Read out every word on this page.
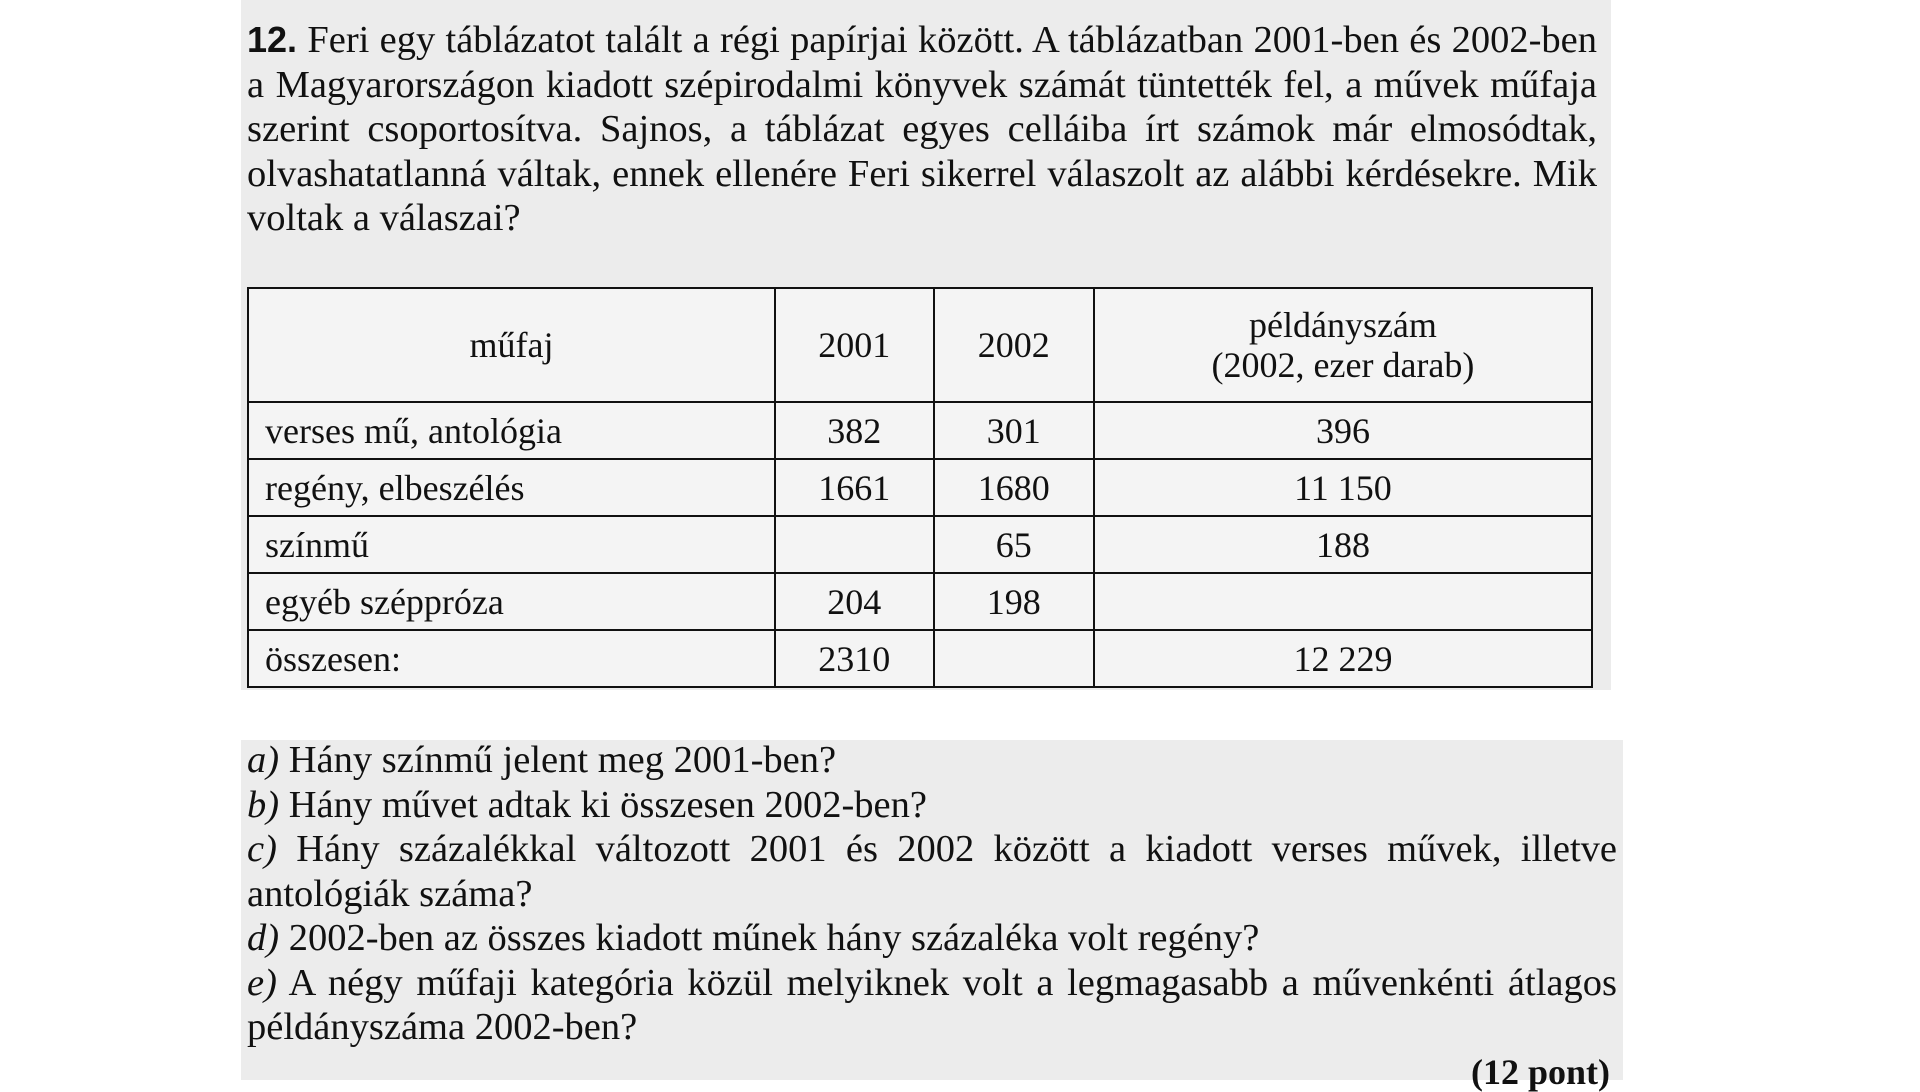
12. Feri egy táblázatot talált a régi papírjai között. A táblázatban 2001-ben és 2002-ben a Magyarországon kiadott szépirodalmi könyvek számát tüntették fel, a művek műfaja szerint csoportosítva. Sajnos, a táblázat egyes celláiba írt számok már elmosódtak, olvashatatlanná váltak, ennek ellenére Feri sikerrel válaszolt az alábbi kérdésekre. Mik voltak a válaszai?

műfaj	2001	2002	példányszám
(2002, ezer darab)
verses mű, antológia	382	301	396
regény, elbeszélés	1661	1680	11 150
színmű		65	188
egyéb széppróza	204	198	
összesen:	2310		12 229
a) Hány színmű jelent meg 2001-ben?
b) Hány művet adtak ki összesen 2002-ben?
c) Hány százalékkal változott 2001 és 2002 között a kiadott verses művek, illetve antológiák száma?
d) 2002-ben az összes kiadott műnek hány százaléka volt regény?
e) A négy műfaji kategória közül melyiknek volt a legmagasabb a művenkénti átlagos példányszáma 2002-ben?
(12 pont)
